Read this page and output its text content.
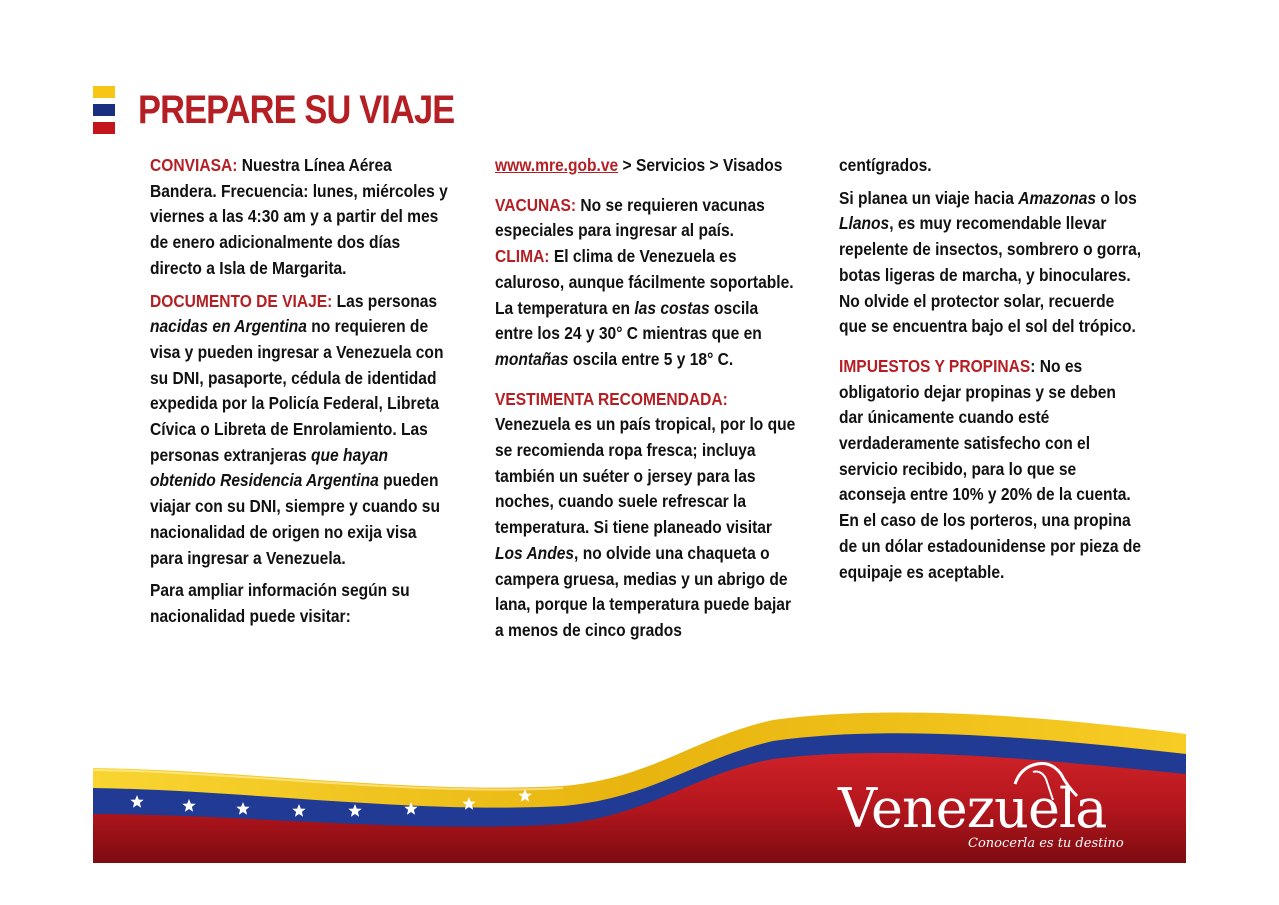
PREPARE SU VIAJE

CONVIASA: Nuestra Línea Aérea Bandera. Frecuencia: lunes, miércoles y viernes a las 4:30 am y a partir del mes de enero adicionalmente dos días directo a Isla de Margarita.

DOCUMENTO DE VIAJE: Las personas nacidas en Argentina no requieren de visa y pueden ingresar a Venezuela con su DNI, pasaporte, cédula de identidad expedida por la Policía Federal, Libreta Cívica o Libreta de Enrolamiento. Las personas extranjeras que hayan obtenido Residencia Argentina pueden viajar con su DNI, siempre y cuando su nacionalidad de origen no exija visa para ingresar a Venezuela.

Para ampliar información según su nacionalidad puede visitar:

www.mre.gob.ve > Servicios > Visados

VACUNAS: No se requieren vacunas especiales para ingresar al país.

CLIMA: El clima de Venezuela es caluroso, aunque fácilmente soportable. La temperatura en las costas oscila entre los 24 y 30° C mientras que en montañas oscila entre 5 y 18° C.

VESTIMENTA RECOMENDADA: Venezuela es un país tropical, por lo que se recomienda ropa fresca; incluya también un suéter o jersey para las noches, cuando suele refrescar la temperatura. Si tiene planeado visitar Los Andes, no olvide una chaqueta o campera gruesa, medias y un abrigo de lana, porque la temperatura puede bajar a menos de cinco grados

centígrados.

Si planea un viaje hacia Amazonas o los Llanos, es muy recomendable llevar repelente de insectos, sombrero o gorra, botas ligeras de marcha, y binoculares. No olvide el protector solar, recuerde que se encuentra bajo el sol del trópico.

IMPUESTOS Y PROPINAS: No es obligatorio dejar propinas y se deben dar únicamente cuando esté verdaderamente satisfecho con el servicio recibido, para lo que se aconseja entre 10% y 20% de la cuenta. En el caso de los porteros, una propina de un dólar estadounidense por pieza de equipaje es aceptable.

Venezuela
Conocerla es tu destino
